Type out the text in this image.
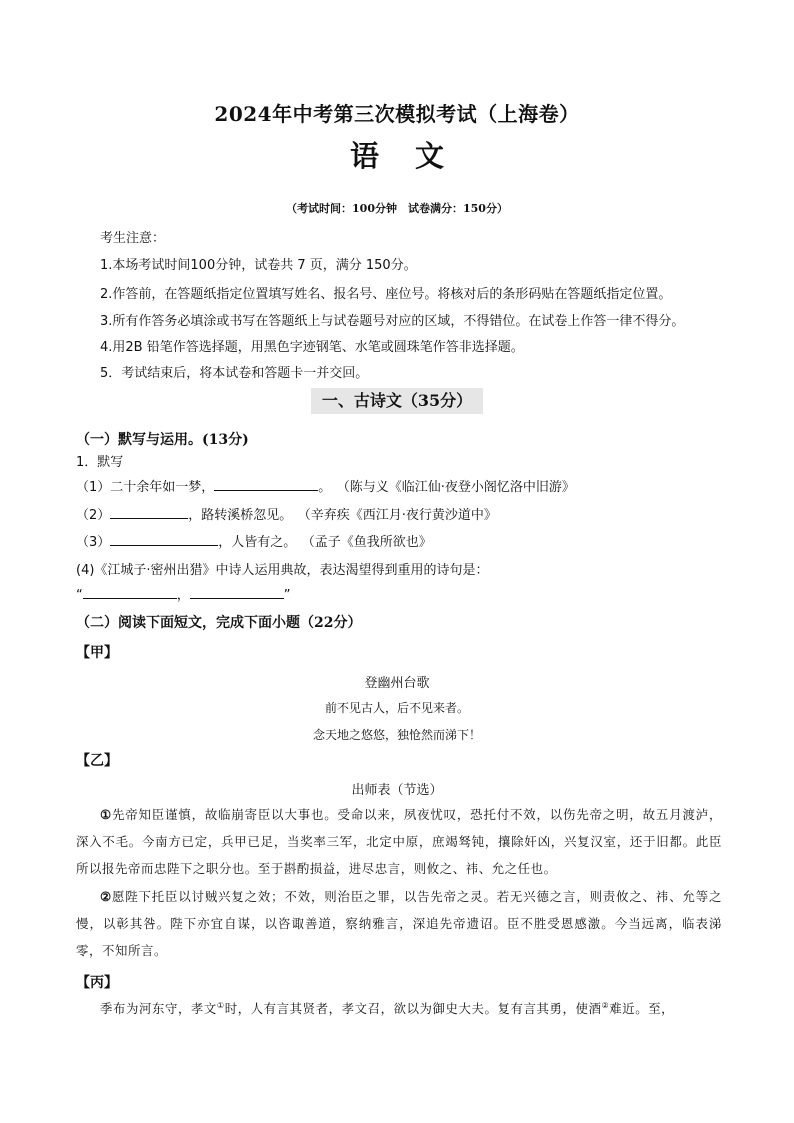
2024年中考第三次模拟考试（上海卷）
语文
（考试时间：100分钟　试卷满分：150分）
考生注意：
1.本场考试时间100分钟，试卷共 7 页，满分 150分。
2.作答前，在答题纸指定位置填写姓名、报名号、座位号。将核对后的条形码贴在答题纸指定位置。
3.所有作答务必填涂或书写在答题纸上与试卷题号对应的区域，不得错位。在试卷上作答一律不得分。
4.用2B 铅笔作答选择题，用黑色字迹钢笔、水笔或圆珠笔作答非选择题。
5．考试结束后，将本试卷和答题卡一并交回。
一、古诗文（35分）
（一）默写与运用。(13分)
1．默写
（1）二十余年如一梦，	。 （陈与义《临江仙·夜登小阁忆洛中旧游》
（2）	，路转溪桥忽见。 （辛弃疾《西江月·夜行黄沙道中》
（3）	，人皆有之。 （孟子《鱼我所欲也》
(4)《江城子·密州出猎》中诗人运用典故，表达渴望得到重用的诗句是：
“	，	”
（二）阅读下面短文，完成下面小题（22分）
【甲】
登幽州台歌
前不见古人，后不见来者。
念天地之悠悠，独怆然而涕下！
【乙】
出师表（节选）
①先帝知臣谨慎，故临崩寄臣以大事也。受命以来，夙夜忧叹，恐托付不效，以伤先帝之明，故五月渡泸，深入不毛。今南方已定，兵甲已足，当奖率三军，北定中原，庶竭驽钝，攘除奸凶，兴复汉室，还于旧都。此臣所以报先帝而忠陛下之职分也。至于斟酌损益，进尽忠言，则攸之、祎、允之任也。
②愿陛下托臣以讨贼兴复之效；不效，则治臣之罪，以告先帝之灵。若无兴德之言，则责攸之、祎、允等之慢，以彰其咎。陛下亦宜自谋，以咨诹善道，察纳雅言，深追先帝遗诏。臣不胜受恩感激。今当远离，临表涕零，不知所言。
【丙】
季布为河东守，孝文①时，人有言其贤者，孝文召，欲以为御史大夫。复有言其勇，使酒②难近。至，
